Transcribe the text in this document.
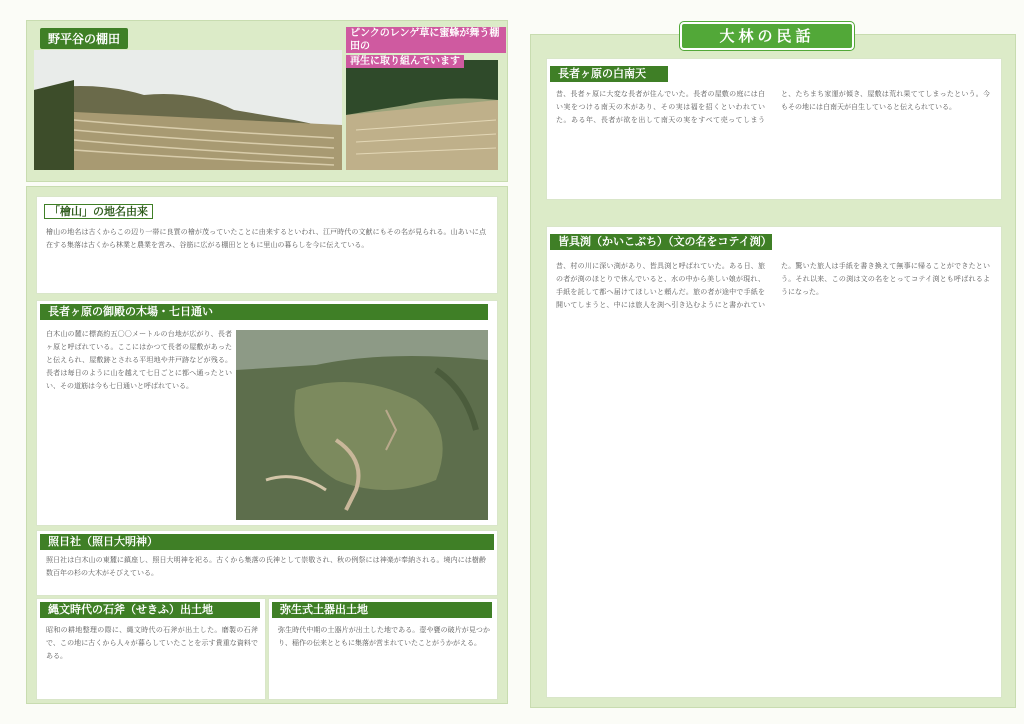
野平谷の棚田	ピンクのレンゲ草に蜜蜂が舞う棚田の
再生に取り組んでいます
「檜山」の地名由来
檜山の地名は古くからこの辺り一帯に良質の檜が茂っていたことに由来するといわれ、江戸時代の文献にもその名が見られる。山あいに点在する集落は古くから林業と農業を営み、谷筋に広がる棚田とともに里山の暮らしを今に伝えている。
長者ヶ原の御殿の木場・七日通い
白木山の麓に標高約五〇〇メートルの台地が広がり、長者ヶ原と呼ばれている。ここにはかつて長者の屋敷があったと伝えられ、屋敷跡とされる平坦地や井戸跡などが残る。長者は毎日のように山を越えて七日ごとに都へ通ったといい、その道筋は今も七日通いと呼ばれている。
照日社（照日大明神）
照日社は白木山の東麓に鎮座し、照日大明神を祀る。古くから集落の氏神として崇敬され、秋の例祭には神楽が奉納される。境内には樹齢数百年の杉の大木がそびえている。
縄文時代の石斧（せきふ）出土地
昭和の耕地整理の際に、縄文時代の石斧が出土した。磨製の石斧で、この地に古くから人々が暮らしていたことを示す貴重な資料である。
弥生式土器出土地
弥生時代中期の土器片が出土した地である。壺や甕の破片が見つかり、稲作の伝来とともに集落が営まれていたことがうかがえる。
大林の民話
長者ヶ原の白南天
昔、長者ヶ原に大変な長者が住んでいた。長者の屋敷の庭には白い実をつける南天の木があり、その実は福を招くといわれていた。ある年、長者が欲を出して南天の実をすべて売ってしまうと、たちまち家運が傾き、屋敷は荒れ果ててしまったという。今もその地には白南天が自生していると伝えられている。
皆具渕（かいこぶち）（文の名をコテイ渕）
昔、村の川に深い渕があり、皆具渕と呼ばれていた。ある日、旅の者が渕のほとりで休んでいると、水の中から美しい娘が現れ、手紙を託して都へ届けてほしいと頼んだ。旅の者が途中で手紙を開いてしまうと、中には旅人を渕へ引き込むようにと書かれていた。驚いた旅人は手紙を書き換えて無事に帰ることができたという。それ以来、この渕は文の名をとってコテイ渕とも呼ばれるようになった。
